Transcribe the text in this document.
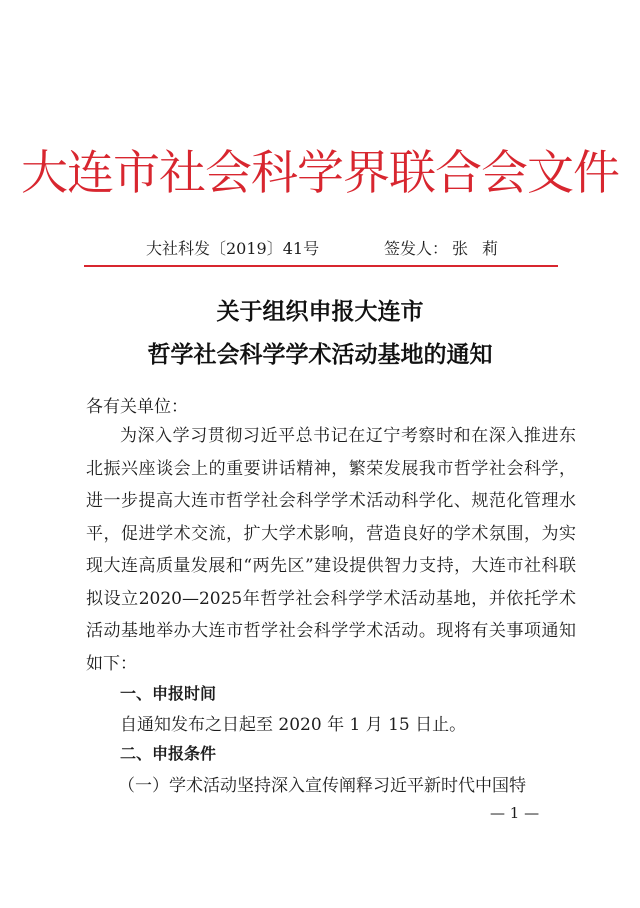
大连市社会科学界联合会文件
大社科发〔2019〕41号	签发人： 张莉
关于组织申报大连市
哲学社会科学学术活动基地的通知
各有关单位：

为深入学习贯彻习近平总书记在辽宁考察时和在深入推进东北振兴座谈会上的重要讲话精神，繁荣发展我市哲学社会科学，进一步提高大连市哲学社会科学学术活动科学化、规范化管理水平，促进学术交流，扩大学术影响，营造良好的学术氛围，为实现大连高质量发展和“两先区”建设提供智力支持，大连市社科联拟设立2020—2025年哲学社会科学学术活动基地，并依托学术活动基地举办大连市哲学社会科学学术活动。现将有关事项通知如下：

一、申报时间
自通知发布之日起至 2020 年 1 月 15 日止。
二、申报条件
（一）学术活动坚持深入宣传阐释习近平新时代中国特
— 1 —
